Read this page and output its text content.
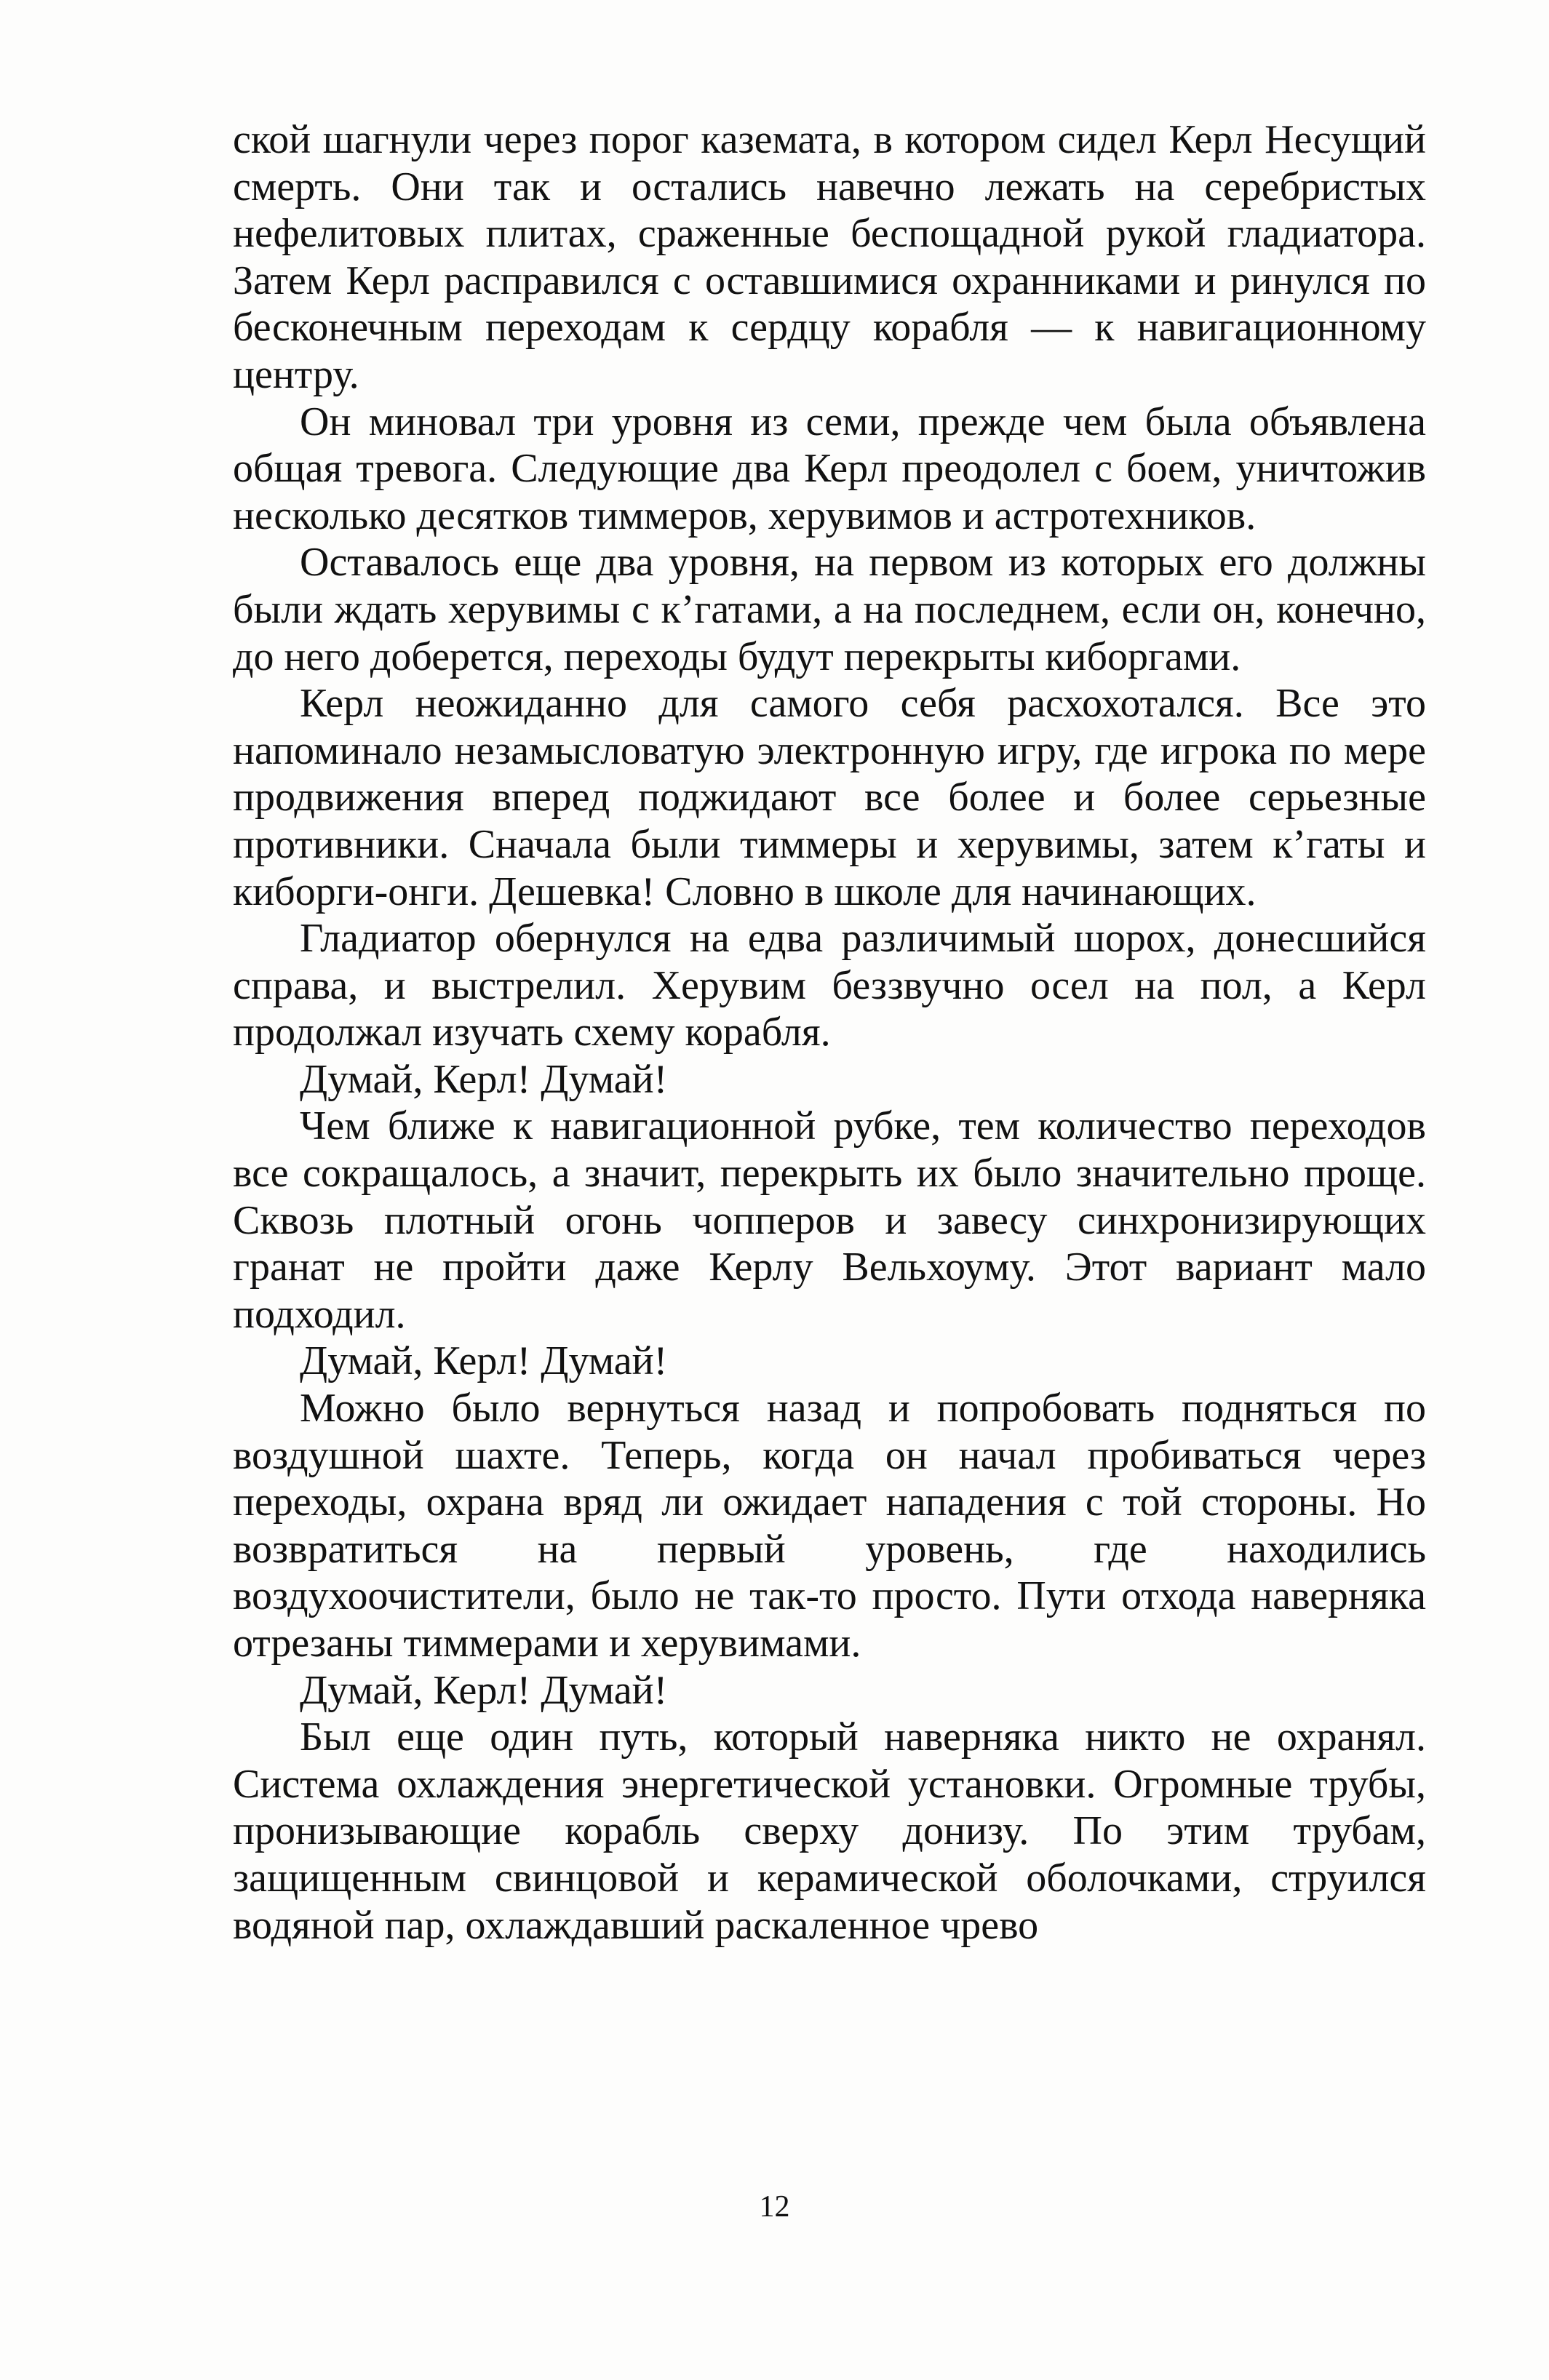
ской шагнули через порог каземата, в котором сидел Керл Несущий смерть. Они так и остались навечно лежать на серебристых нефелитовых плитах, сраженные беспощадной рукой гладиатора. Затем Керл расправился с оставшимися охранниками и ринулся по бесконечным переходам к сердцу корабля — к навигационному центру.

Он миновал три уровня из семи, прежде чем была объявлена общая тревога. Следующие два Керл преодолел с боем, уничтожив несколько десятков тиммеров, херувимов и астротехников.

Оставалось еще два уровня, на первом из которых его должны были ждать херувимы с к’гатами, а на последнем, если он, конечно, до него доберется, переходы будут перекрыты киборгами.

Керл неожиданно для самого себя расхохотался. Все это напоминало незамысловатую электронную игру, где игрока по мере продвижения вперед поджидают все более и более серьезные противники. Сначала были тиммеры и херувимы, затем к’гаты и киборги-онги. Дешевка! Словно в школе для начинающих.

Гладиатор обернулся на едва различимый шорох, донесшийся справа, и выстрелил. Херувим беззвучно осел на пол, а Керл продолжал изучать схему корабля.

Думай, Керл! Думай!

Чем ближе к навигационной рубке, тем количество переходов все сокращалось, а значит, перекрыть их было значительно проще. Сквозь плотный огонь чопперов и завесу синхронизирующих гранат не пройти даже Керлу Вельхоуму. Этот вариант мало подходил.

Думай, Керл! Думай!

Можно было вернуться назад и попробовать подняться по воздушной шахте. Теперь, когда он начал пробиваться через переходы, охрана вряд ли ожидает нападения с той стороны. Но возвратиться на первый уровень, где находились воздухоочистители, было не так-то просто. Пути отхода наверняка отрезаны тиммерами и херувимами.

Думай, Керл! Думай!

Был еще один путь, который наверняка никто не охранял. Система охлаждения энергетической установки. Огромные трубы, пронизывающие корабль сверху донизу. По этим трубам, защищенным свинцовой и керамической оболочками, струился водяной пар, охлаждавший раскаленное чрево

12
